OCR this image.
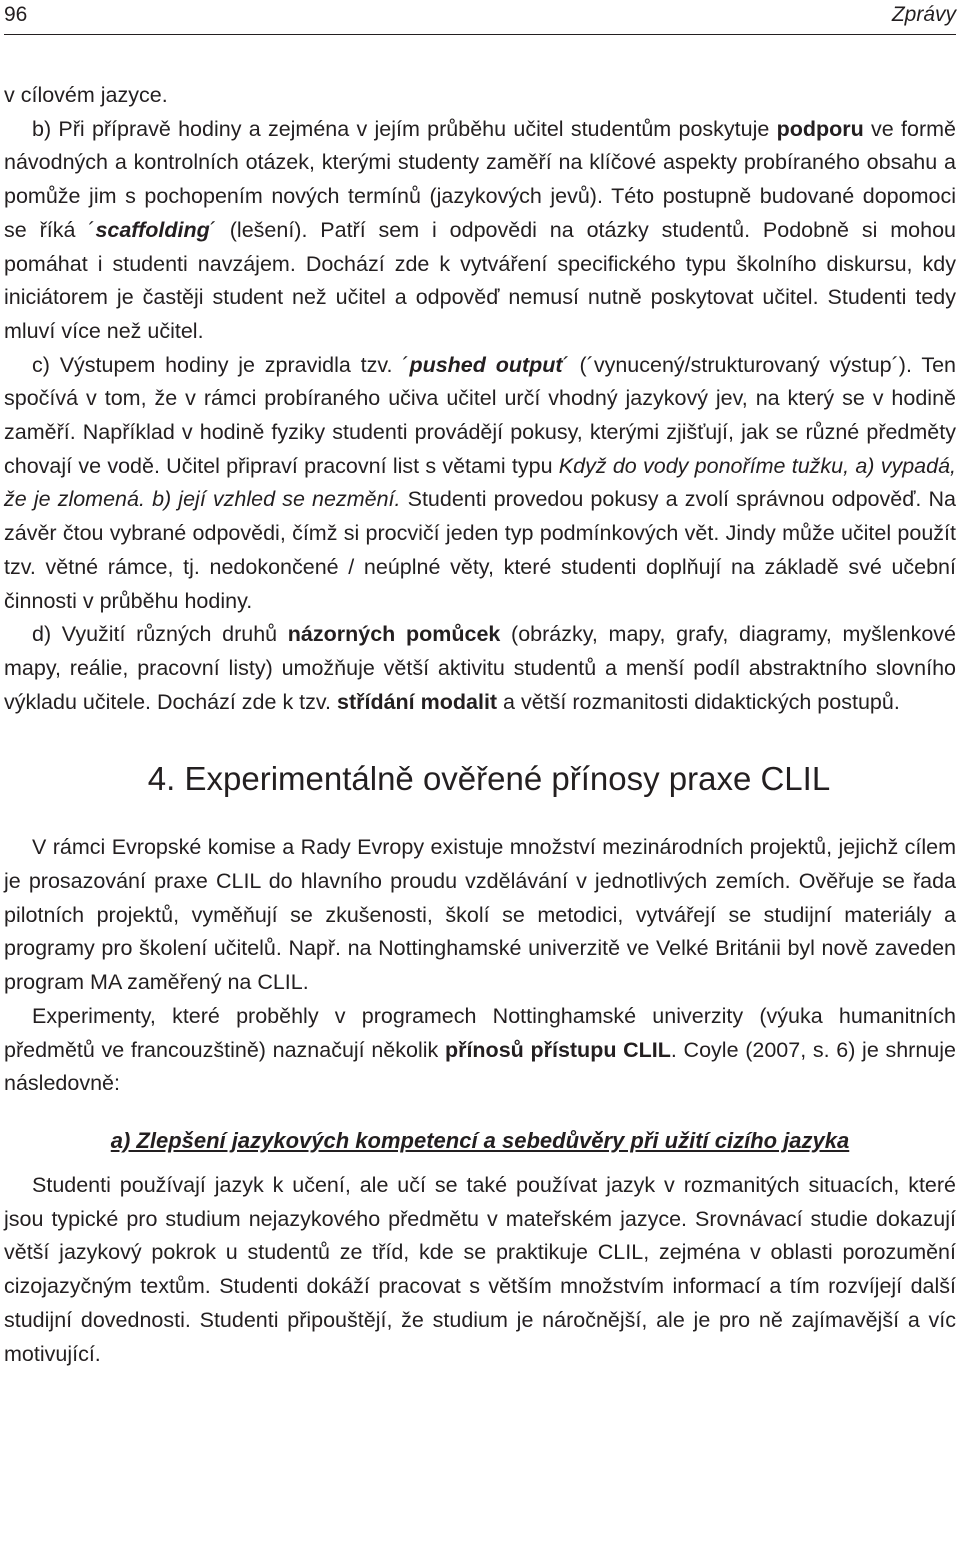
96	Zprávy

v cílovém jazyce.

b) Při přípravě hodiny a zejména v jejím průběhu učitel studentům poskytuje podporu ve formě návodných a kontrolních otázek, kterými studenty zaměří na klíčové aspekty probíraného obsahu a pomůže jim s pochopením nových termínů (jazykových jevů). Této postupně budované dopomoci se říká ´scaffolding´ (lešení). Patří sem i odpovědi na otázky studentů. Podobně si mohou pomáhat i studenti navzájem. Dochází zde k vytváření specifického typu školního diskursu, kdy iniciátorem je častěji student než učitel a odpověď nemusí nutně poskytovat učitel. Studenti tedy mluví více než učitel.

c) Výstupem hodiny je zpravidla tzv. ´pushed output´ (´vynucený/strukturovaný výstup´). Ten spočívá v tom, že v rámci probíraného učiva učitel určí vhodný jazykový jev, na který se v hodině zaměří. Například v hodině fyziky studenti provádějí pokusy, kterými zjišťují, jak se různé předměty chovají ve vodě. Učitel připraví pracovní list s větami typu Když do vody ponoříme tužku, a) vypadá, že je zlomená. b) její vzhled se nezmění. Studenti provedou pokusy a zvolí správnou odpověď. Na závěr čtou vybrané odpovědi, čímž si procvičí jeden typ podmínkových vět. Jindy může učitel použít tzv. větné rámce, tj. nedokončené / neúplné věty, které studenti doplňují na základě své učební činnosti v průběhu hodiny.

d) Využití různých druhů názorných pomůcek (obrázky, mapy, grafy, diagramy, myšlenkové mapy, reálie, pracovní listy) umožňuje větší aktivitu studentů a menší podíl abstraktního slovního výkladu učitele. Dochází zde k tzv. střídání modalit a větší rozmanitosti didaktických postupů.

4. Experimentálně ověřené přínosy praxe CLIL

V rámci Evropské komise a Rady Evropy existuje množství mezinárodních projektů, jejichž cílem je prosazování praxe CLIL do hlavního proudu vzdělávání v jednotlivých zemích. Ověřuje se řada pilotních projektů, vyměňují se zkušenosti, školí se metodici, vytvářejí se studijní materiály a programy pro školení učitelů. Např. na Nottinghamské univerzitě ve Velké Británii byl nově zaveden program MA zaměřený na CLIL.

Experimenty, které proběhly v programech Nottinghamské univerzity (výuka humanitních předmětů ve francouzštině) naznačují několik přínosů přístupu CLIL. Coyle (2007, s. 6) je shrnuje následovně:

a) Zlepšení jazykových kompetencí a sebedůvěry při užití cizího jazyka

Studenti používají jazyk k učení, ale učí se také používat jazyk v rozmanitých situacích, které jsou typické pro studium nejazykového předmětu v mateřském jazyce. Srovnávací studie dokazují větší jazykový pokrok u studentů ze tříd, kde se praktikuje CLIL, zejména v oblasti porozumění cizojazyčným textům. Studenti dokáží pracovat s větším množstvím informací a tím rozvíjejí další studijní dovednosti. Studenti připouštějí, že studium je náročnější, ale je pro ně zajímavější a víc motivující.
